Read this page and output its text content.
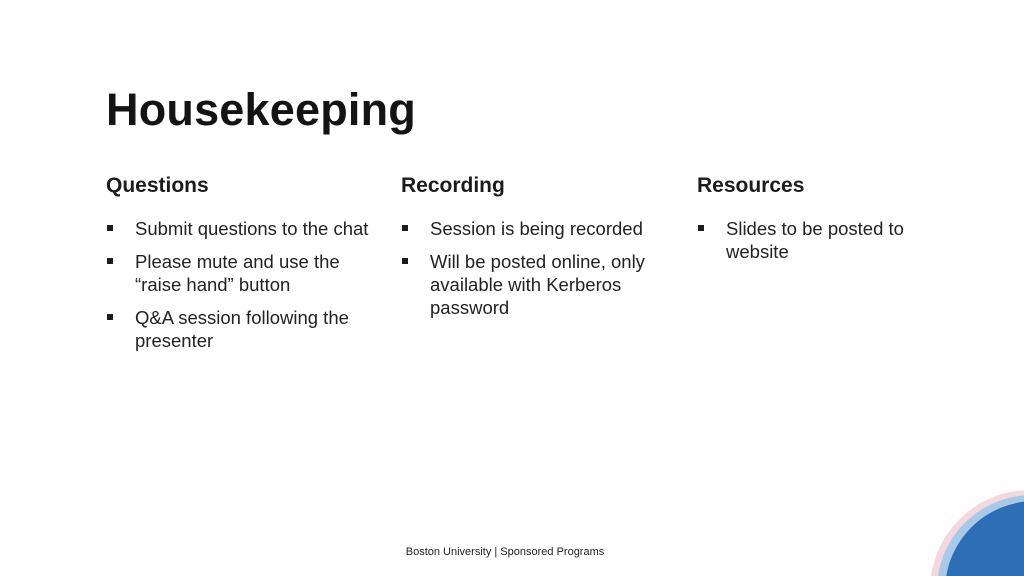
Housekeeping
Questions
Submit questions to the chat
Please mute and use the “raise hand” button
Q&A session following the presenter
Recording
Session is being recorded
Will be posted online, only available with Kerberos password
Resources
Slides to be posted to website
Boston University | Sponsored Programs
